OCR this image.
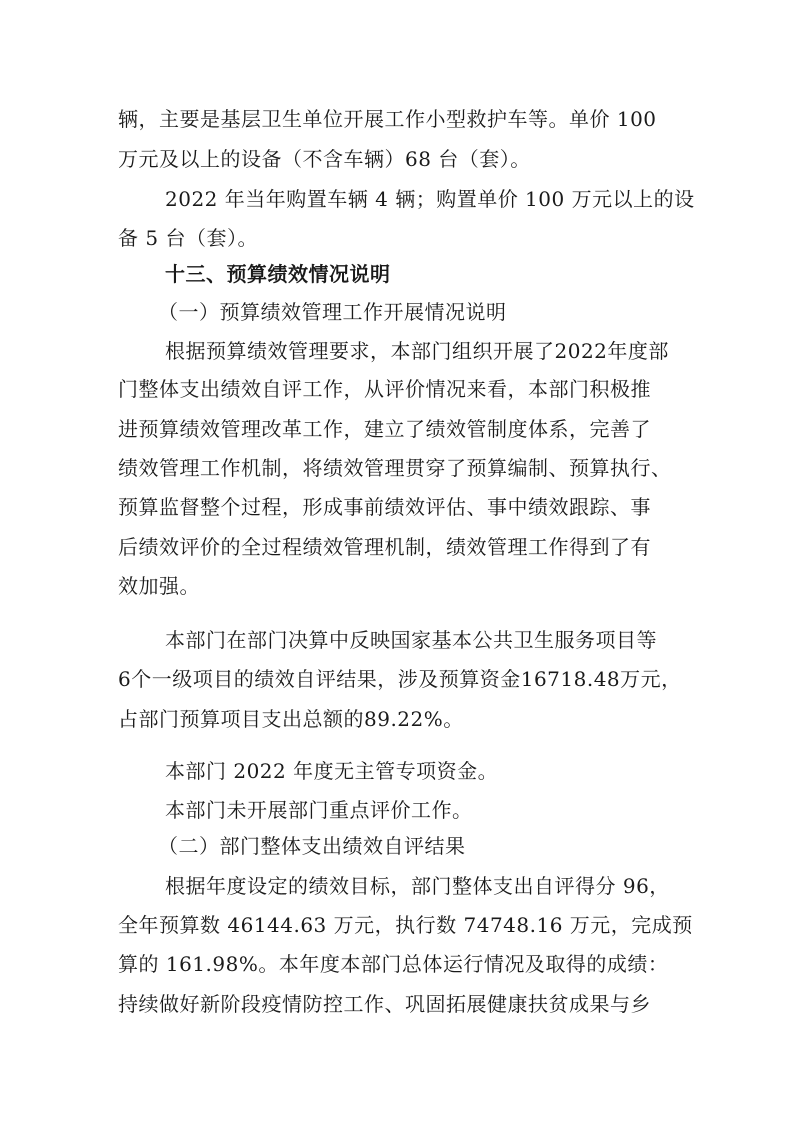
辆，主要是基层卫生单位开展工作小型救护车等。单价 100
万元及以上的设备（不含车辆）68 台（套）。
2022 年当年购置车辆 4 辆；购置单价 100 万元以上的设
备 5 台（套）。
十三、预算绩效情况说明
（一）预算绩效管理工作开展情况说明
根据预算绩效管理要求，本部门组织开展了2022年度部
门整体支出绩效自评工作，从评价情况来看，本部门积极推
进预算绩效管理改革工作，建立了绩效管制度体系，完善了
绩效管理工作机制，将绩效管理贯穿了预算编制、预算执行、
预算监督整个过程，形成事前绩效评估、事中绩效跟踪、事
后绩效评价的全过程绩效管理机制，绩效管理工作得到了有
效加强。
本部门在部门决算中反映国家基本公共卫生服务项目等
6个一级项目的绩效自评结果，涉及预算资金16718.48万元，
占部门预算项目支出总额的89.22%。
本部门 2022 年度无主管专项资金。
本部门未开展部门重点评价工作。
（二）部门整体支出绩效自评结果
根据年度设定的绩效目标，部门整体支出自评得分 96，
全年预算数 46144.63 万元，执行数 74748.16 万元，完成预
算的 161.98%。本年度本部门总体运行情况及取得的成绩：
持续做好新阶段疫情防控工作、巩固拓展健康扶贫成果与乡
